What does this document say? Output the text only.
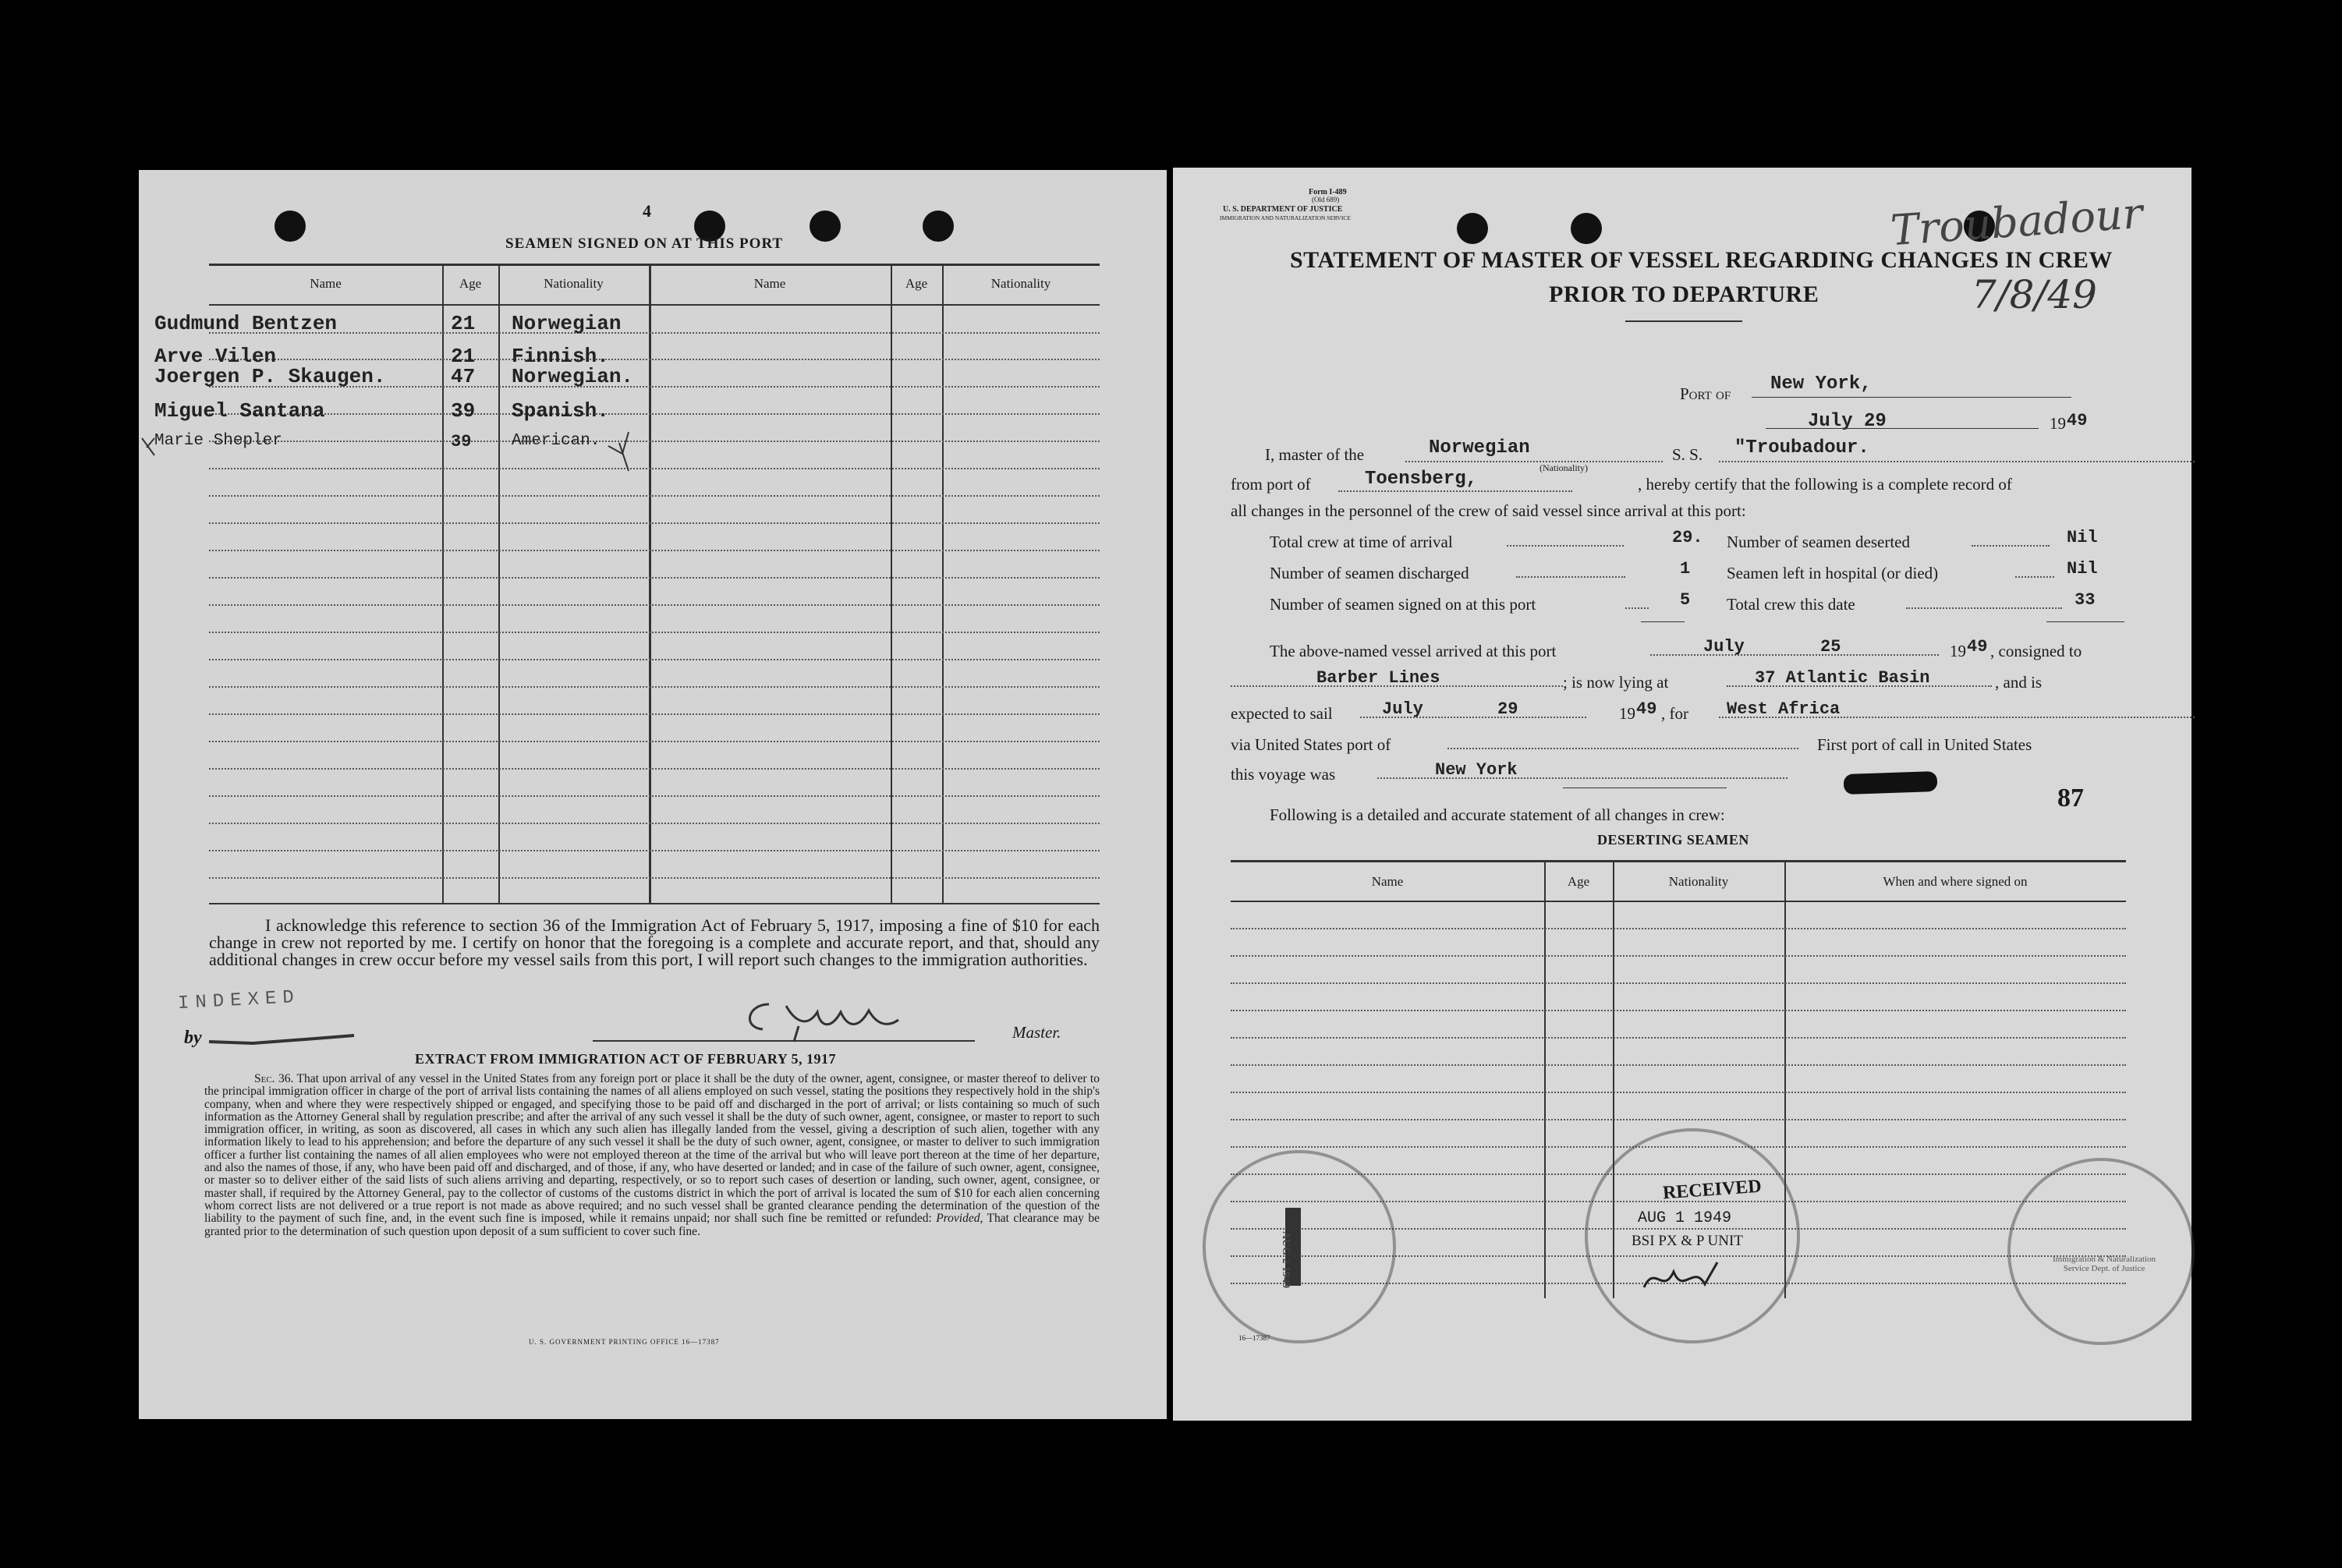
4
SEAMEN SIGNED ON AT THIS PORT
Name	Age	Nationality	Name	Age	Nationality
Gudmund Bentzen	21 Norwegian
Arve Vilen	21 Finnish.
Joergen P. Skaugen.	47 Norwegian.
Miguel Santana	39 Spanish.
Marie Shepler	39 American.
I acknowledge this reference to section 36 of the Immigration Act of February 5, 1917, imposing a fine of $10 for each change in crew not reported by me. I certify on honor that the foregoing is a complete and accurate report, and that, should any additional changes in crew occur before my vessel sails from this port, I will report such changes to the immigration authorities.
INDEXED
by	Master.
EXTRACT FROM IMMIGRATION ACT OF FEBRUARY 5, 1917
Sec. 36. That upon arrival of any vessel in the United States from any foreign port or place it shall be the duty of the owner, agent, consignee, or master thereof to deliver to the principal immigration officer in charge of the port of arrival lists containing the names of all aliens employed on such vessel, stating the positions they respectively hold in the ship's company, when and where they were respectively shipped or engaged, and specifying those to be paid off and discharged in the port of arrival; or lists containing so much of such information as the Attorney General shall by regulation prescribe; and after the arrival of any such vessel it shall be the duty of such owner, agent, consignee, or master to report to such immigration officer, in writing, as soon as discovered, all cases in which any such alien has illegally landed from the vessel, giving a description of such alien, together with any information likely to lead to his apprehension; and before the departure of any such vessel it shall be the duty of such owner, agent, consignee, or master to deliver to such immigration officer a further list containing the names of all alien employees who were not employed thereon at the time of the arrival but who will leave port thereon at the time of her departure, and also the names of those, if any, who have been paid off and discharged, and of those, if any, who have deserted or landed; and in case of the failure of such owner, agent, consignee, or master so to deliver either of the said lists of such aliens arriving and departing, respectively, or so to report such cases of desertion or landing, such owner, agent, consignee, or master shall, if required by the Attorney General, pay to the collector of customs of the customs district in which the port of arrival is located the sum of $10 for each alien concerning whom correct lists are not delivered or a true report is not made as above required; and no such vessel shall be granted clearance pending the determination of the question of the liability to the payment of such fine, and, in the event such fine is imposed, while it remains unpaid; nor shall such fine be remitted or refunded: Provided, That clearance may be granted prior to the determination of such question upon deposit of a sum sufficient to cover such fine.
U. S. GOVERNMENT PRINTING OFFICE 16—17387
Form I-489
(Old 689)
U. S. DEPARTMENT OF JUSTICE
IMMIGRATION AND NATURALIZATION SERVICE
STATEMENT OF MASTER OF VESSEL REGARDING CHANGES IN CREW
PRIOR TO DEPARTURE
Troubadour
7/8/49
Port of New York,
July 29	19 49
I, master of the	Norwegian
(Nationality)
S. S. "Troubadour.
from port of	Toensberg,	, hereby certify that the following is a complete record of
all changes in the personnel of the crew of said vessel since arrival at this port:
Total crew at time of arrival	29. Number of seamen deserted	Nil
Number of seamen discharged	1 Seamen left in hospital (or died)	Nil
Number of seamen signed on at this port	5 Total crew this date	33
The above-named vessel arrived at this port	July	25	19 49 , consigned to
Barber Lines	; is now lying at	37 Atlantic Basin	, and is
expected to sail	July	29	19 49 , for West Africa
via United States port of	First port of call in United States
this voyage was	New York
87
Following is a detailed and accurate statement of all changes in crew:
DESERTING SEAMEN
Name	Age	Nationality	When and where signed on
AUG 2 1949
RECEIVED
AUG 1 1949
BSI PX & P UNIT
Immigration & Naturalization Service Dept. of Justice
16—17387
